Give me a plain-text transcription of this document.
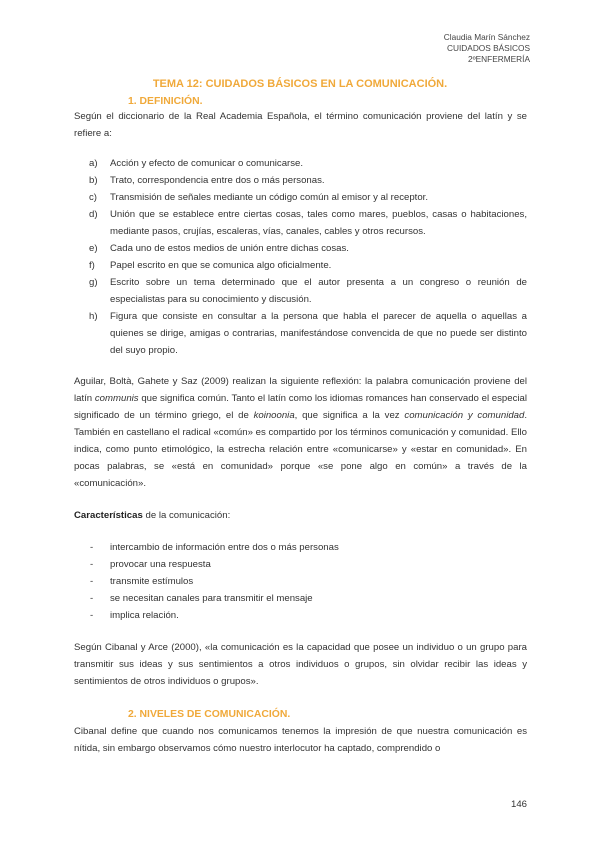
Claudia Marín Sánchez
CUIDADOS BÁSICOS
2ºENFERMERÍA
TEMA 12: CUIDADOS BÁSICOS EN LA COMUNICACIÓN.
1. DEFINICIÓN.
Según el diccionario de la Real Academia Española, el término comunicación proviene del latín y se refiere a:
a) Acción y efecto de comunicar o comunicarse.
b) Trato, correspondencia entre dos o más personas.
c) Transmisión de señales mediante un código común al emisor y al receptor.
d) Unión que se establece entre ciertas cosas, tales como mares, pueblos, casas o habitaciones, mediante pasos, crujías, escaleras, vías, canales, cables y otros recursos.
e) Cada uno de estos medios de unión entre dichas cosas.
f) Papel escrito en que se comunica algo oficialmente.
g) Escrito sobre un tema determinado que el autor presenta a un congreso o reunión de especialistas para su conocimiento y discusión.
h) Figura que consiste en consultar a la persona que habla el parecer de aquella o aquellas a quienes se dirige, amigas o contrarias, manifestándose convencida de que no puede ser distinto del suyo propio.
Aguilar, Boltà, Gahete y Saz (2009) realizan la siguiente reflexión: la palabra comunicación proviene del latín communis que significa común. Tanto el latín como los idiomas romances han conservado el especial significado de un término griego, el de koinoonia, que significa a la vez comunicación y comunidad. También en castellano el radical «común» es compartido por los términos comunicación y comunidad. Ello indica, como punto etimológico, la estrecha relación entre «comunicarse» y «estar en comunidad». En pocas palabras, se «está en comunidad» porque «se pone algo en común» a través de la «comunicación».
Características de la comunicación:
- intercambio de información entre dos o más personas
- provocar una respuesta
- transmite estímulos
- se necesitan canales para transmitir el mensaje
- implica relación.
Según Cibanal y Arce (2000), «la comunicación es la capacidad que posee un individuo o un grupo para transmitir sus ideas y sus sentimientos a otros individuos o grupos, sin olvidar recibir las ideas y sentimientos de otros individuos o grupos».
2. NIVELES DE COMUNICACIÓN.
Cibanal define que cuando nos comunicamos tenemos la impresión de que nuestra comunicación es nítida, sin embargo observamos cómo nuestro interlocutor ha captado, comprendido o
146
